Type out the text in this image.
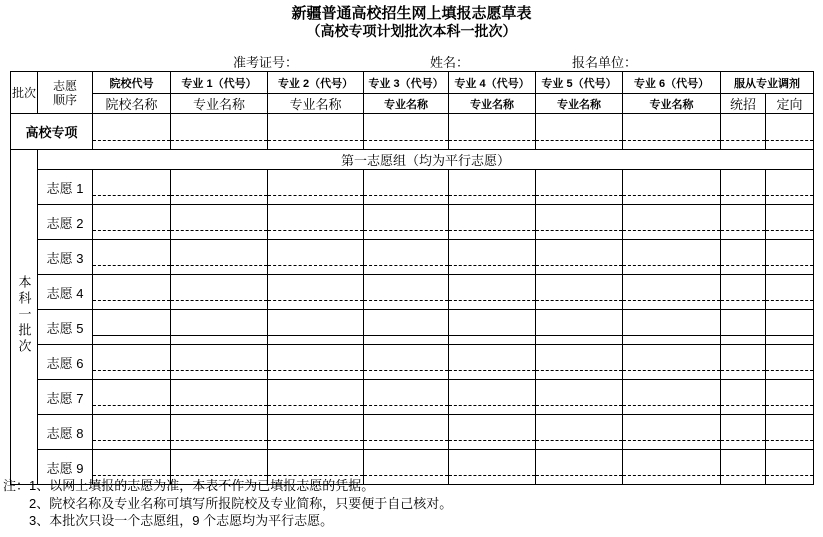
新疆普通高校招生网上填报志愿草表
（高校专项计划批次本科一批次）
准考证号：	姓名：	报名单位：
批次	志愿顺序	院校代号	专业 1（代号）	专业 2（代号）	专业 3（代号）	专业 4（代号）	专业 5（代号）	专业 6（代号）	服从专业调剂	
		院校名称	专业名称	专业名称	专业名称	专业名称	专业名称	专业名称	统招	定向
高校专项		

本科一批次	第一志愿组（均为平行志愿）									
	志愿 1	

	志愿 2	

	志愿 3	

	志愿 4	

	志愿 5	

	志愿 6	

	志愿 7	

	志愿 8	

	志愿 9	

注：1、以网上填报的志愿为准，本表不作为已填报志愿的凭据。
2、院校名称及专业名称可填写所报院校及专业简称，只要便于自己核对。
3、本批次只设一个志愿组，9 个志愿均为平行志愿。
